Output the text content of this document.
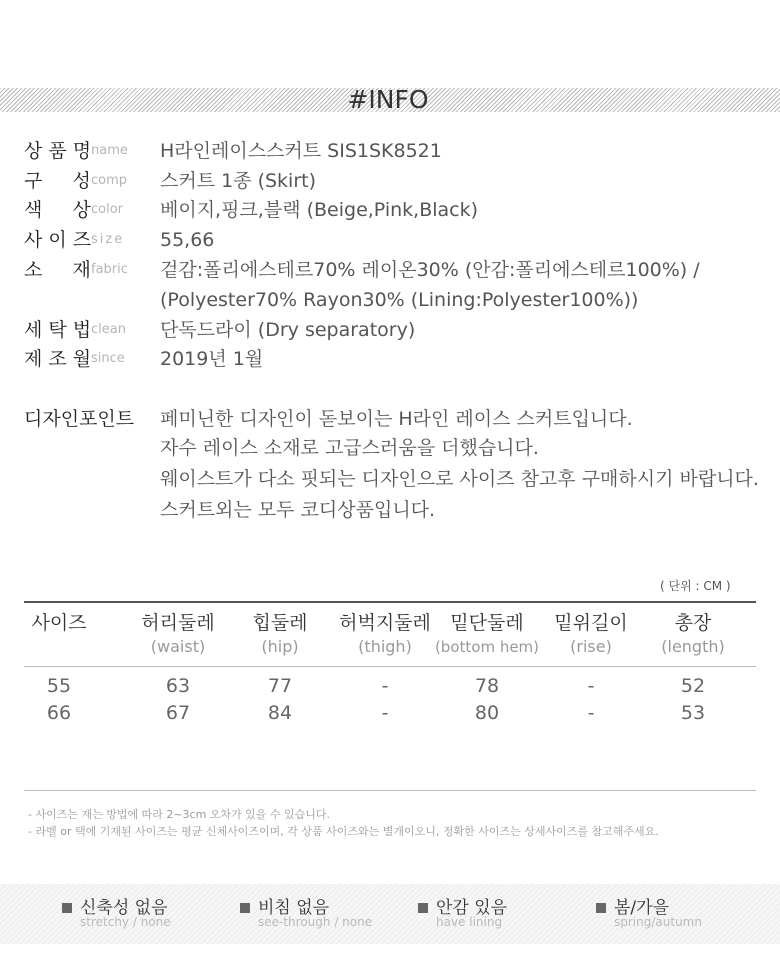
#INFO
상 품 명 name H라인레이스스커트 SIS1SK8521
구     성 comp 스커트 1종 (Skirt)
색     상 color 베이지,핑크,블랙 (Beige,Pink,Black)
사 이 즈 size 55,66
소     재 fabric 겉감:폴리에스테르70% 레이온30% (안감:폴리에스테르100%) /
(Polyester70% Rayon30% (Lining:Polyester100%))
세 탁 법 clean 단독드라이 (Dry separatory)
제 조 월 since 2019년 1월
디자인포인트 페미닌한 디자인이 돋보이는 H라인 레이스 스커트입니다.
자수 레이스 소재로 고급스러움을 더했습니다.
웨이스트가 다소 핏되는 디자인으로 사이즈 참고후 구매하시기 바랍니다.
스커트외는 모두 코디상품입니다.
( 단위 : CM )
사이즈	허리둘레	힙둘레	허벅지둘레	밑단둘레	밑위길이	총장
(waist)	(hip)	(thigh)	(bottom hem)	(rise)	(length)
55	63	77	-	78	-	52
66	67	84	-	80	-	53
- 사이즈는 재는 방법에 따라 2~3cm 오차가 있을 수 있습니다.
- 라벨 or 택에 기재된 사이즈는 평균 신체사이즈이며, 각 상품 사이즈와는 별개이오니, 정확한 사이즈는 상세사이즈를 참고해주세요.
신축성 없음
stretchy / none
비침 없음
see-through / none
안감 있음
have lining
봄/가을
spring/autumn
